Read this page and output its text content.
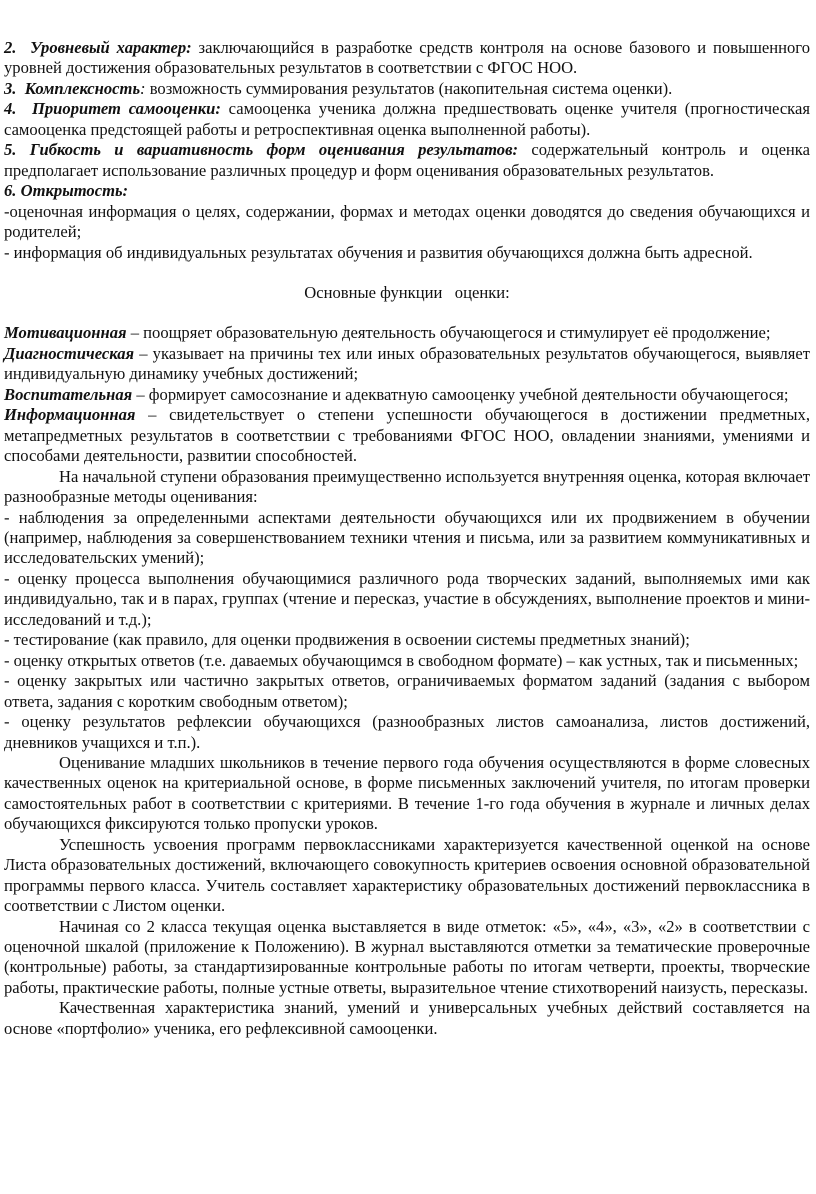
2. Уровневый характер: заключающийся в разработке средств контроля на основе базового и повышенного уровней достижения образовательных результатов в соответствии с ФГОС НОО.

3. Комплексность: возможность суммирования результатов (накопительная система оценки).

4. Приоритет самооценки: самооценка ученика должна предшествовать оценке учителя (прогностическая самооценка предстоящей работы и ретроспективная оценка выполненной работы).

5. Гибкость и вариативность форм оценивания результатов: содержательный контроль и оценка предполагает использование различных процедур и форм оценивания образовательных результатов.

6. Открытость:

-оценочная информация о целях, содержании, формах и методах оценки доводятся до сведения обучающихся и родителей;

- информация об индивидуальных результатах обучения и развития обучающихся должна быть адресной.

Основные функции   оценки:

Мотивационная – поощряет образовательную деятельность обучающегося и стимулирует её продолжение;

Диагностическая – указывает на причины тех или иных образовательных результатов обучающегося, выявляет индивидуальную динамику учебных достижений;

Воспитательная – формирует самосознание и адекватную самооценку учебной деятельности обучающегося;

Информационная – свидетельствует о степени успешности обучающегося в достижении предметных, метапредметных результатов в соответствии с требованиями ФГОС НОО, овладении знаниями, умениями и способами деятельности, развитии способностей.

На начальной ступени образования преимущественно используется внутренняя оценка, которая включает разнообразные методы оценивания:

- наблюдения за определенными аспектами деятельности обучающихся или их продвижением в обучении (например, наблюдения за совершенствованием техники чтения и письма, или за развитием коммуникативных и исследовательских умений);

- оценку процесса выполнения обучающимися различного рода творческих заданий, выполняемых ими как индивидуально, так и в парах, группах (чтение и пересказ, участие в обсуждениях, выполнение проектов и мини-исследований и т.д.);

- тестирование (как правило, для оценки продвижения в освоении системы предметных знаний);

- оценку открытых ответов (т.е. даваемых обучающимся в свободном формате) – как устных, так и письменных;

- оценку закрытых или частично закрытых ответов, ограничиваемых форматом заданий (задания с выбором ответа, задания с коротким свободным ответом);

- оценку результатов рефлексии обучающихся (разнообразных листов самоанализа, листов достижений, дневников учащихся и т.п.).

Оценивание младших школьников в течение первого года обучения осуществляются в форме словесных качественных оценок на критериальной основе, в форме письменных заключений учителя, по итогам проверки самостоятельных работ в соответствии с критериями. В течение 1-го года обучения в журнале и личных делах обучающихся фиксируются только пропуски уроков.

Успешность усвоения программ первоклассниками характеризуется качественной оценкой на основе Листа образовательных достижений, включающего совокупность критериев освоения основной образовательной программы первого класса. Учитель составляет характеристику образовательных достижений первоклассника в соответствии с Листом оценки.

Начиная со 2 класса текущая оценка выставляется в виде отметок: «5», «4», «3», «2» в соответствии с оценочной шкалой (приложение к Положению). В журнал выставляются отметки за тематические проверочные (контрольные) работы, за стандартизированные контрольные работы по итогам четверти, проекты, творческие работы, практические работы, полные устные ответы, выразительное чтение стихотворений наизусть, пересказы.

Качественная характеристика знаний, умений и универсальных учебных действий составляется на основе «портфолио» ученика, его рефлексивной самооценки.
